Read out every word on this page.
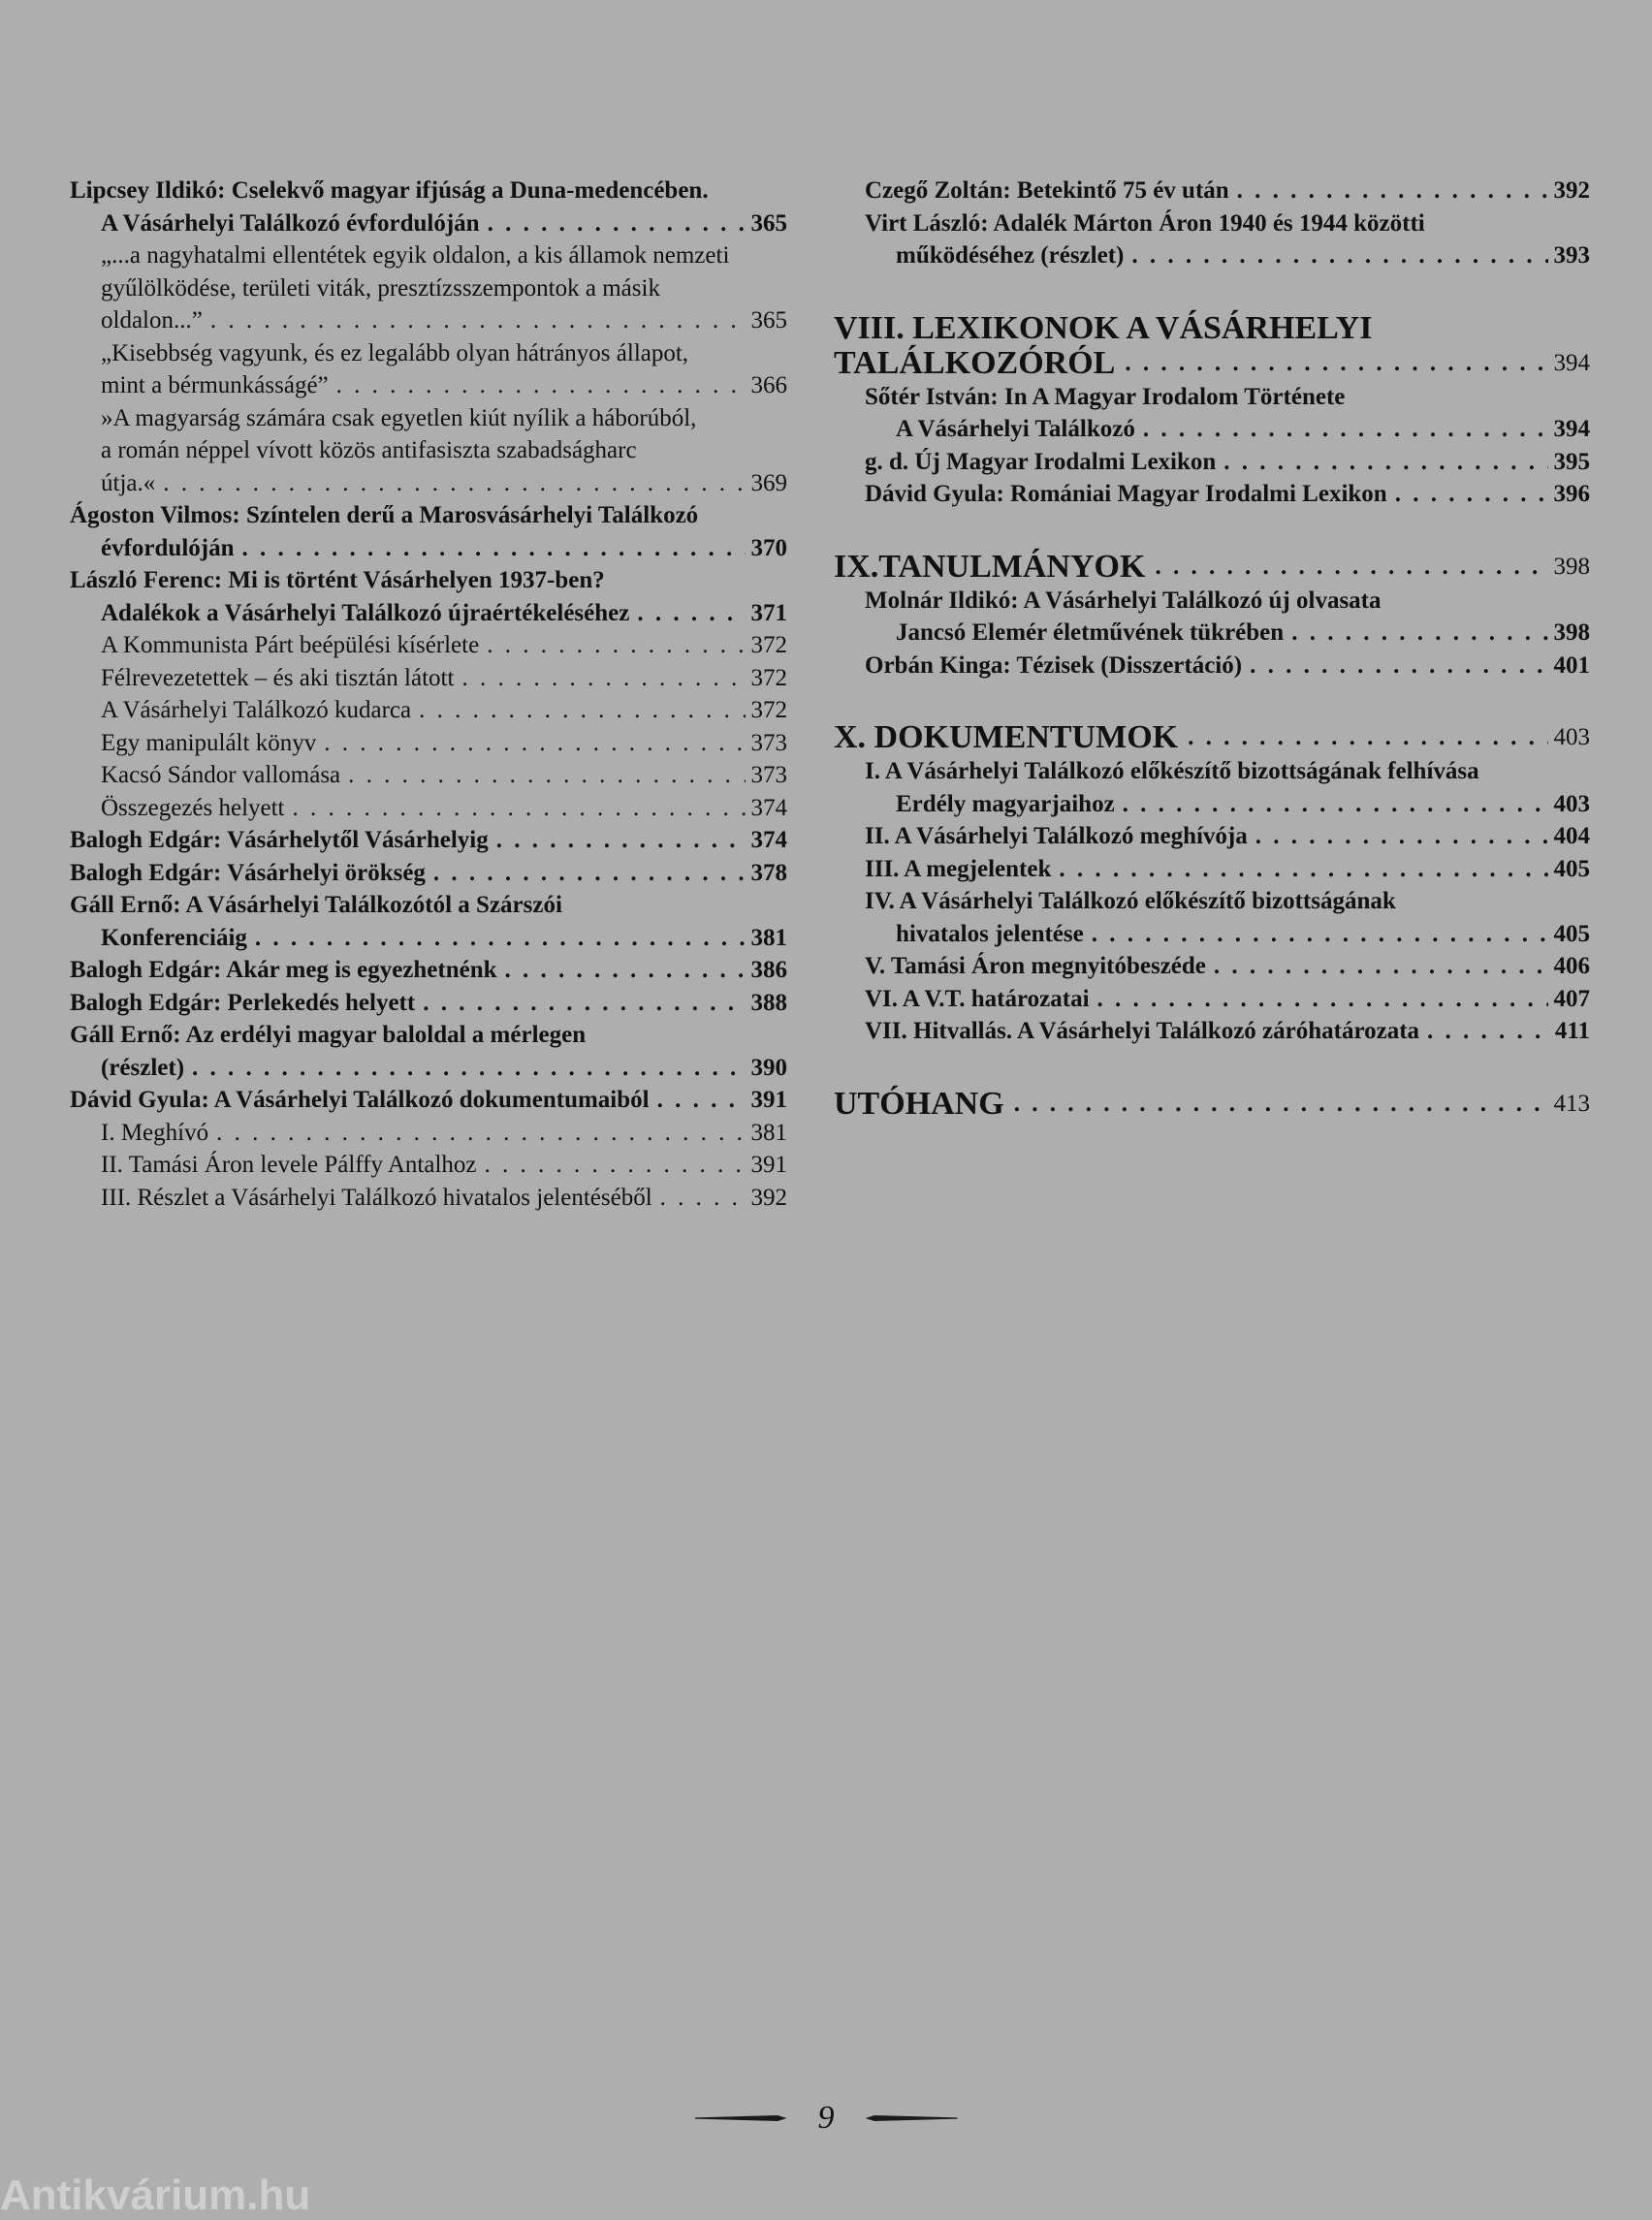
Lipcsey Ildikó: Cselekvő magyar ifjúság a Duna-medencében.
A Vásárhelyi Találkozó évfordulóján . . .	365
„...a nagyhatalmi ellentétek egyik oldalon, a kis államok nemzeti
gyűlölködése, területi viták, presztízsszempontok a másik
oldalon...” . . .	365
„Kisebbség vagyunk, és ez legalább olyan hátrányos állapot,
mint a bérmunkásságé” . . .	366
»A magyarság számára csak egyetlen kiút nyílik a háborúból,
a román néppel vívott közös antifasiszta szabadságharc
útja.« . . .	369
Ágoston Vilmos: Színtelen derű a Marosvásárhelyi Találkozó
évfordulóján . . .	370
László Ferenc: Mi is történt Vásárhelyen 1937-ben?
Adalékok a Vásárhelyi Találkozó újraértékeléséhez . . .	371
A Kommunista Párt beépülési kísérlete . . .	372
Félrevezetettek – és aki tisztán látott . . .	372
A Vásárhelyi Találkozó kudarca . . .	372
Egy manipulált könyv . . .	373
Kacsó Sándor vallomása . . .	373
Összegezés helyett . . .	374
Balogh Edgár: Vásárhelytől Vásárhelyig . . .	374
Balogh Edgár: Vásárhelyi örökség . . .	378
Gáll Ernő: A Vásárhelyi Találkozótól a Szárszói
Konferenciáig . . .	381
Balogh Edgár: Akár meg is egyezhetnénk . . .	386
Balogh Edgár: Perlekedés helyett . . .	388
Gáll Ernő: Az erdélyi magyar baloldal a mérlegen
(részlet) . . .	390
Dávid Gyula: A Vásárhelyi Találkozó dokumentumaiból . . .	391
I. Meghívó . . .	381
II. Tamási Áron levele Pálffy Antalhoz . . .	391
III. Részlet a Vásárhelyi Találkozó hivatalos jelentéséből . . .	392
Czegő Zoltán: Betekintő 75 év után . . .	392
Virt László: Adalék Márton Áron 1940 és 1944 közötti
működéséhez (részlet) . . .	393
VIII. LEXIKONOK A VÁSÁRHELYI
TALÁLKOZÓRÓL . . .	394
Sőtér István: In A Magyar Irodalom Története
A Vásárhelyi Találkozó . . .	394
g. d. Új Magyar Irodalmi Lexikon . . .	395
Dávid Gyula: Romániai Magyar Irodalmi Lexikon . . .	396
IX.TANULMÁNYOK . . .	398
Molnár Ildikó: A Vásárhelyi Találkozó új olvasata
Jancsó Elemér életművének tükrében . . .	398
Orbán Kinga: Tézisek (Disszertáció) . . .	401
X. DOKUMENTUMOK . . .	403
I. A Vásárhelyi Találkozó előkészítő bizottságának felhívása
Erdély magyarjaihoz . . .	403
II. A Vásárhelyi Találkozó meghívója . . .	404
III. A megjelentek . . .	405
IV. A Vásárhelyi Találkozó előkészítő bizottságának
hivatalos jelentése . . .	405
V. Tamási Áron megnyitóbeszéde . . .	406
VI. A V.T. határozatai . . .	407
VII. Hitvallás. A Vásárhelyi Találkozó záróhatározata . . .	411
UTÓHANG . . .	413
9
Antikvárium.hu
